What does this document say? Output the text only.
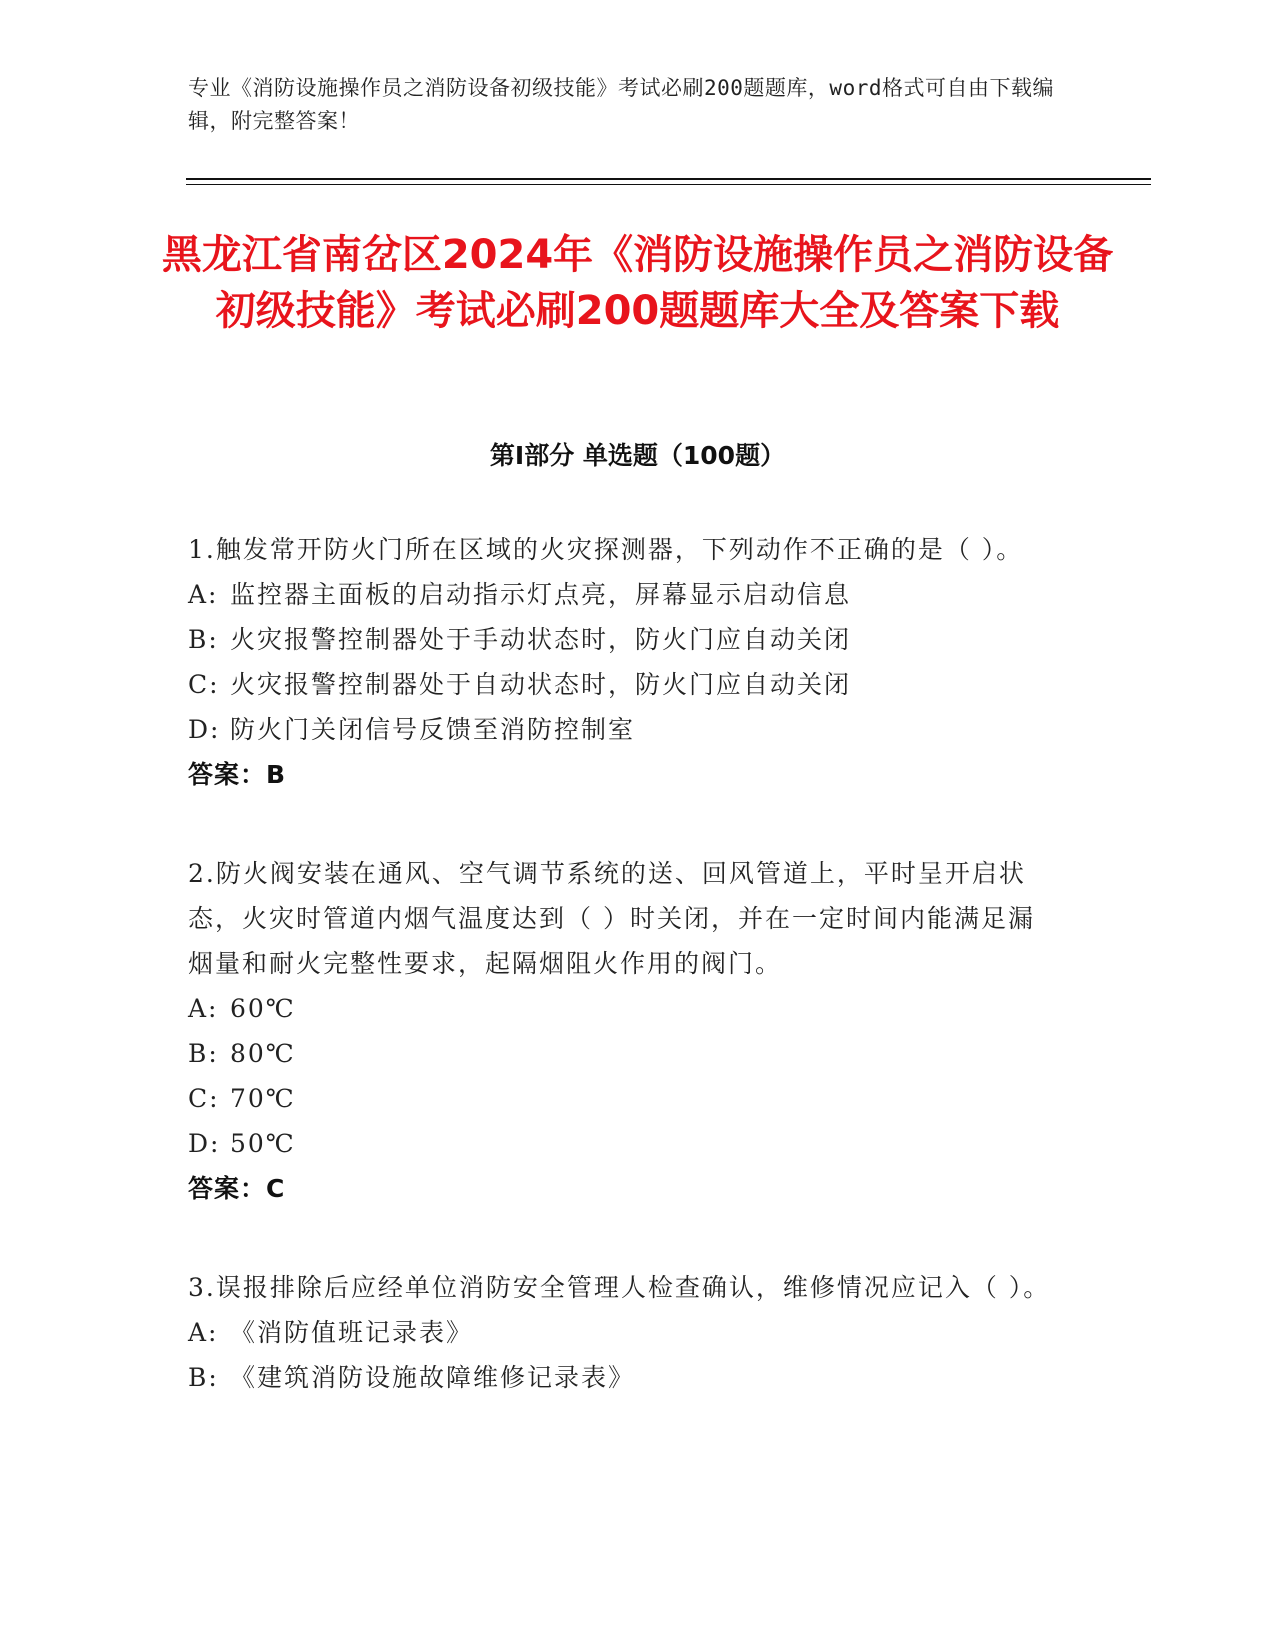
专业《消防设施操作员之消防设备初级技能》考试必刷200题题库，word格式可自由下载编辑，附完整答案！
黑龙江省南岔区2024年《消防设施操作员之消防设备初级技能》考试必刷200题题库大全及答案下载
第Ⅰ部分 单选题（100题）
1.触发常开防火门所在区域的火灾探测器，下列动作不正确的是（ ）。
A: 监控器主面板的启动指示灯点亮，屏幕显示启动信息
B: 火灾报警控制器处于手动状态时，防火门应自动关闭
C: 火灾报警控制器处于自动状态时，防火门应自动关闭
D: 防火门关闭信号反馈至消防控制室
答案：B
2.防火阀安装在通风、空气调节系统的送、回风管道上，平时呈开启状态，火灾时管道内烟气温度达到（ ）时关闭，并在一定时间内能满足漏烟量和耐火完整性要求，起隔烟阻火作用的阀门。
A: 60℃
B: 80℃
C: 70℃
D: 50℃
答案：C
3.误报排除后应经单位消防安全管理人检查确认，维修情况应记入（ ）。
A: 《消防值班记录表》
B: 《建筑消防设施故障维修记录表》
